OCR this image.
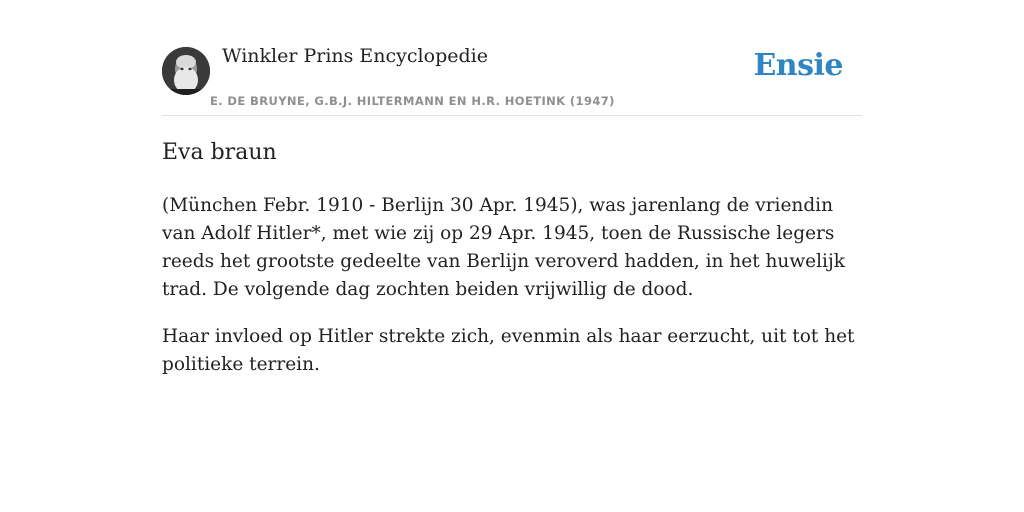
Winkler Prins Encyclopedie
E. DE BRUYNE, G.B.J. HILTERMANN EN H.R. HOETINK (1947)
Ensie
Eva braun

(München Febr. 1910 - Berlijn 30 Apr. 1945), was jarenlang de vriendin van Adolf Hitler*, met wie zij op 29 Apr. 1945, toen de Russische legers reeds het grootste gedeelte van Berlijn veroverd hadden, in het huwelijk trad. De volgende dag zochten beiden vrijwillig de dood.

Haar invloed op Hitler strekte zich, evenmin als haar eerzucht, uit tot het politieke terrein.
